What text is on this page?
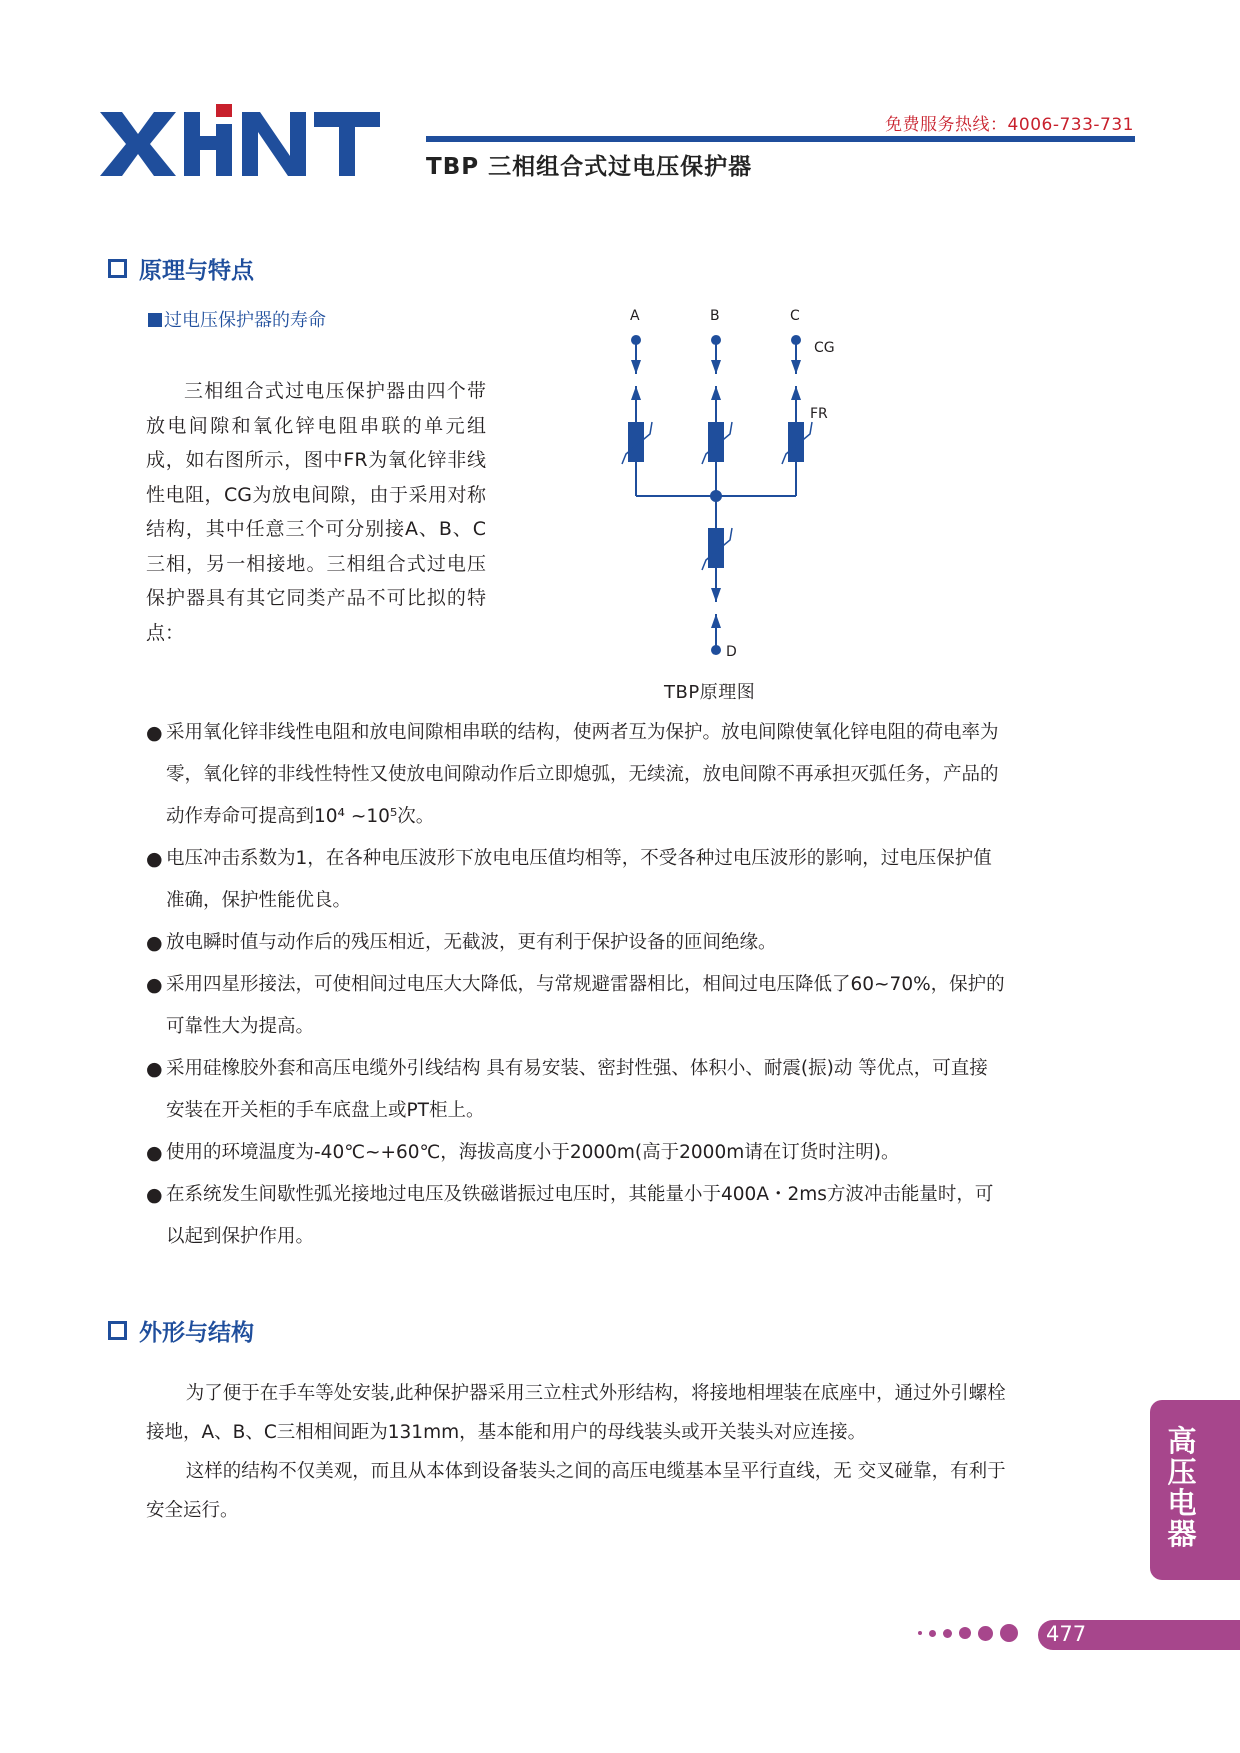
免费服务热线：4006-733-731
TBP 三相组合式过电压保护器
原理与特点
过电压保护器的寿命
三相组合式过电压保护器由四个带放电间隙和氧化锌电阻串联的单元组成，如右图所示，图中FR为氧化锌非线性电阻，CG为放电间隙，由于采用对称结构，其中任意三个可分别接A、B、C三相，另一相接地。三相组合式过电压保护器具有其它同类产品不可比拟的特点：
A	B	C
CG
FR
D
TBP原理图
● 采用氧化锌非线性电阻和放电间隙相串联的结构，使两者互为保护。放电间隙使氧化锌电阻的荷电率为零，氧化锌的非线性特性又使放电间隙动作后立即熄弧，无续流，放电间隙不再承担灭弧任务，产品的动作寿命可提高到10⁴ ~10⁵次。
● 电压冲击系数为1，在各种电压波形下放电电压值均相等，不受各种过电压波形的影响，过电压保护值准确，保护性能优良。
● 放电瞬时值与动作后的残压相近，无截波，更有利于保护设备的匝间绝缘。
● 采用四星形接法，可使相间过电压大大降低，与常规避雷器相比，相间过电压降低了60~70%，保护的可靠性大为提高。
● 采用硅橡胶外套和高压电缆外引线结构 具有易安装、密封性强、体积小、耐震(振)动 等优点，可直接安装在开关柜的手车底盘上或PT柜上。
● 使用的环境温度为-40℃~+60℃，海拔高度小于2000m(高于2000m请在订货时注明)。
● 在系统发生间歇性弧光接地过电压及铁磁谐振过电压时，其能量小于400A・2ms方波冲击能量时，可以起到保护作用。
外形与结构
为了便于在手车等处安装,此种保护器采用三立柱式外形结构，将接地相埋装在底座中，通过外引螺栓接地，A、B、C三相相间距为131mm，基本能和用户的母线装头或开关装头对应连接。
这样的结构不仅美观，而且从本体到设备装头之间的高压电缆基本呈平行直线，无 交叉碰靠，有利于安全运行。
高压电器
477
